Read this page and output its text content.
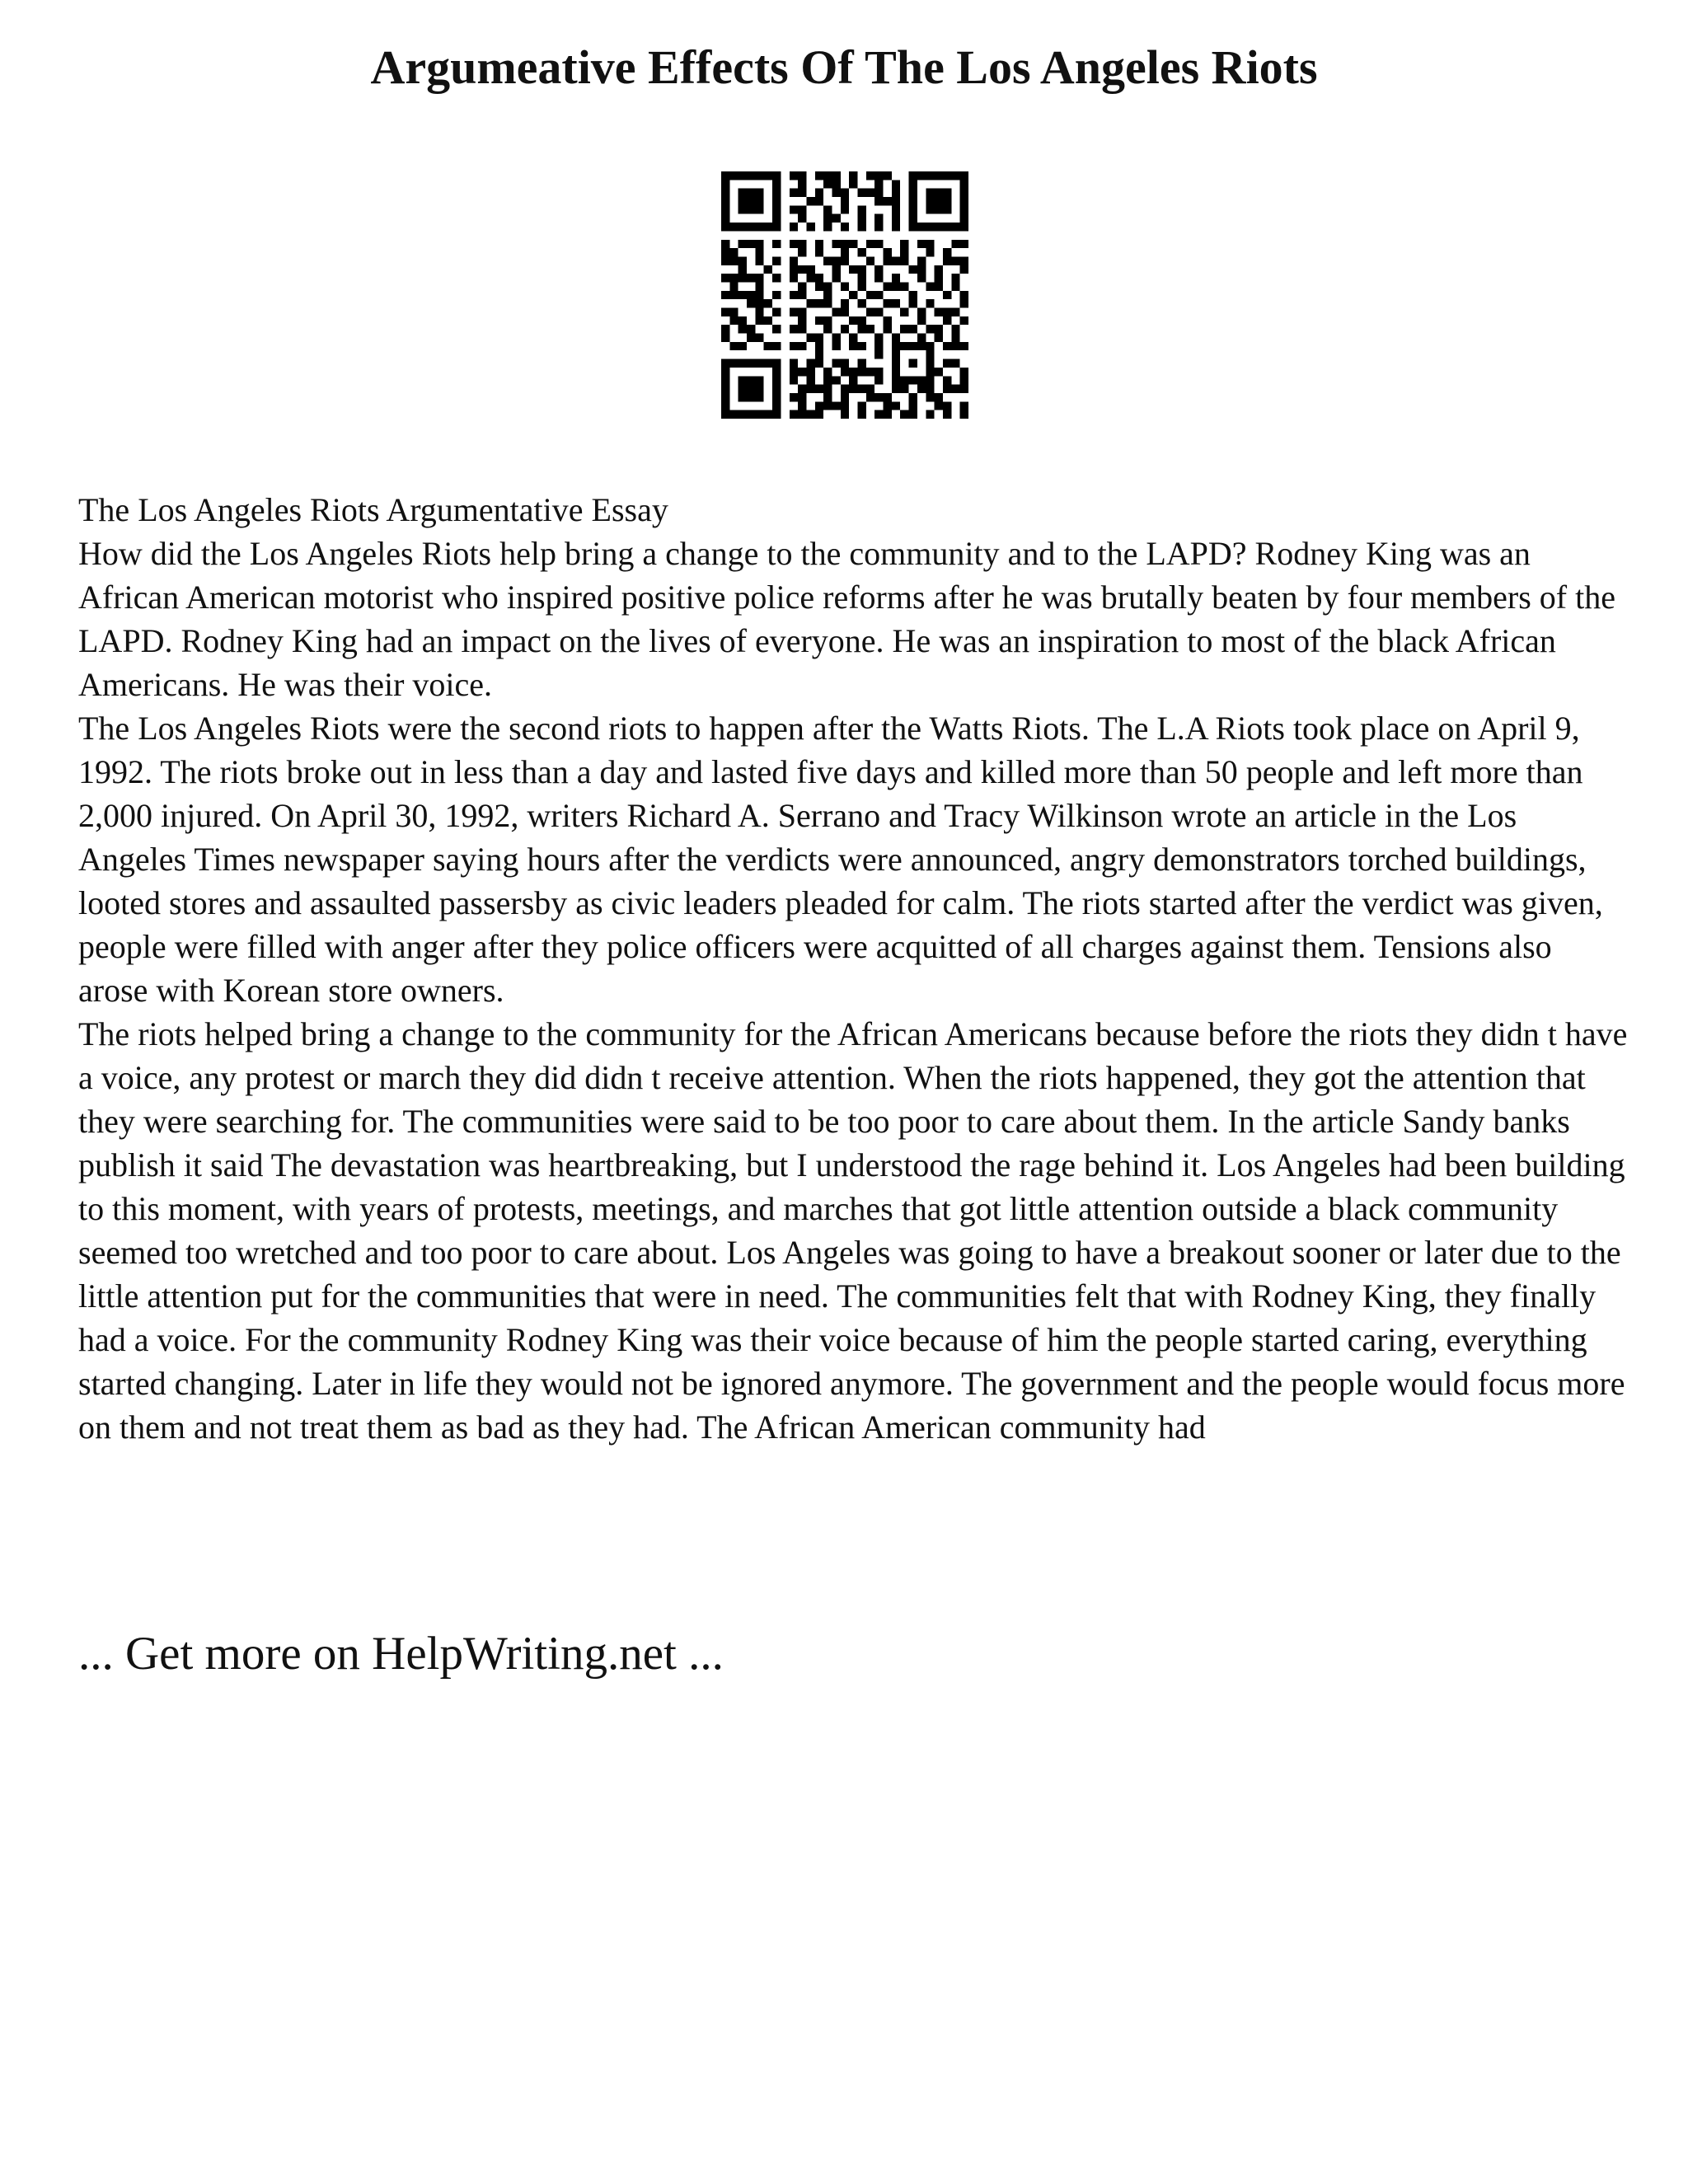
Argumeative Effects Of The Los Angeles Riots

The Los Angeles Riots Argumentative Essay

How did the Los Angeles Riots help bring a change to the community and to the LAPD? Rodney King was an African American motorist who inspired positive police reforms after he was brutally beaten by four members of the LAPD. Rodney King had an impact on the lives of everyone. He was an inspiration to most of the black African Americans. He was their voice.

The Los Angeles Riots were the second riots to happen after the Watts Riots. The L.A Riots took place on April 9, 1992. The riots broke out in less than a day and lasted five days and killed more than 50 people and left more than 2,000 injured. On April 30, 1992, writers Richard A. Serrano and Tracy Wilkinson wrote an article in the Los Angeles Times newspaper saying hours after the verdicts were announced, angry demonstrators torched buildings, looted stores and assaulted passersby as civic leaders pleaded for calm. The riots started after the verdict was given, people were filled with anger after they police officers were acquitted of all charges against them. Tensions also arose with Korean store owners.

The riots helped bring a change to the community for the African Americans because before the riots they didn t have a voice, any protest or march they did didn t receive attention. When the riots happened, they got the attention that they were searching for. The communities were said to be too poor to care about them. In the article Sandy banks publish it said The devastation was heartbreaking, but I understood the rage behind it. Los Angeles had been building to this moment, with years of protests, meetings, and marches that got little attention outside a black community seemed too wretched and too poor to care about. Los Angeles was going to have a breakout sooner or later due to the little attention put for the communities that were in need. The communities felt that with Rodney King, they finally had a voice. For the community Rodney King was their voice because of him the people started caring, everything started changing. Later in life they would not be ignored anymore. The government and the people would focus more on them and not treat them as bad as they had. The African American community had

... Get more on HelpWriting.net ...
